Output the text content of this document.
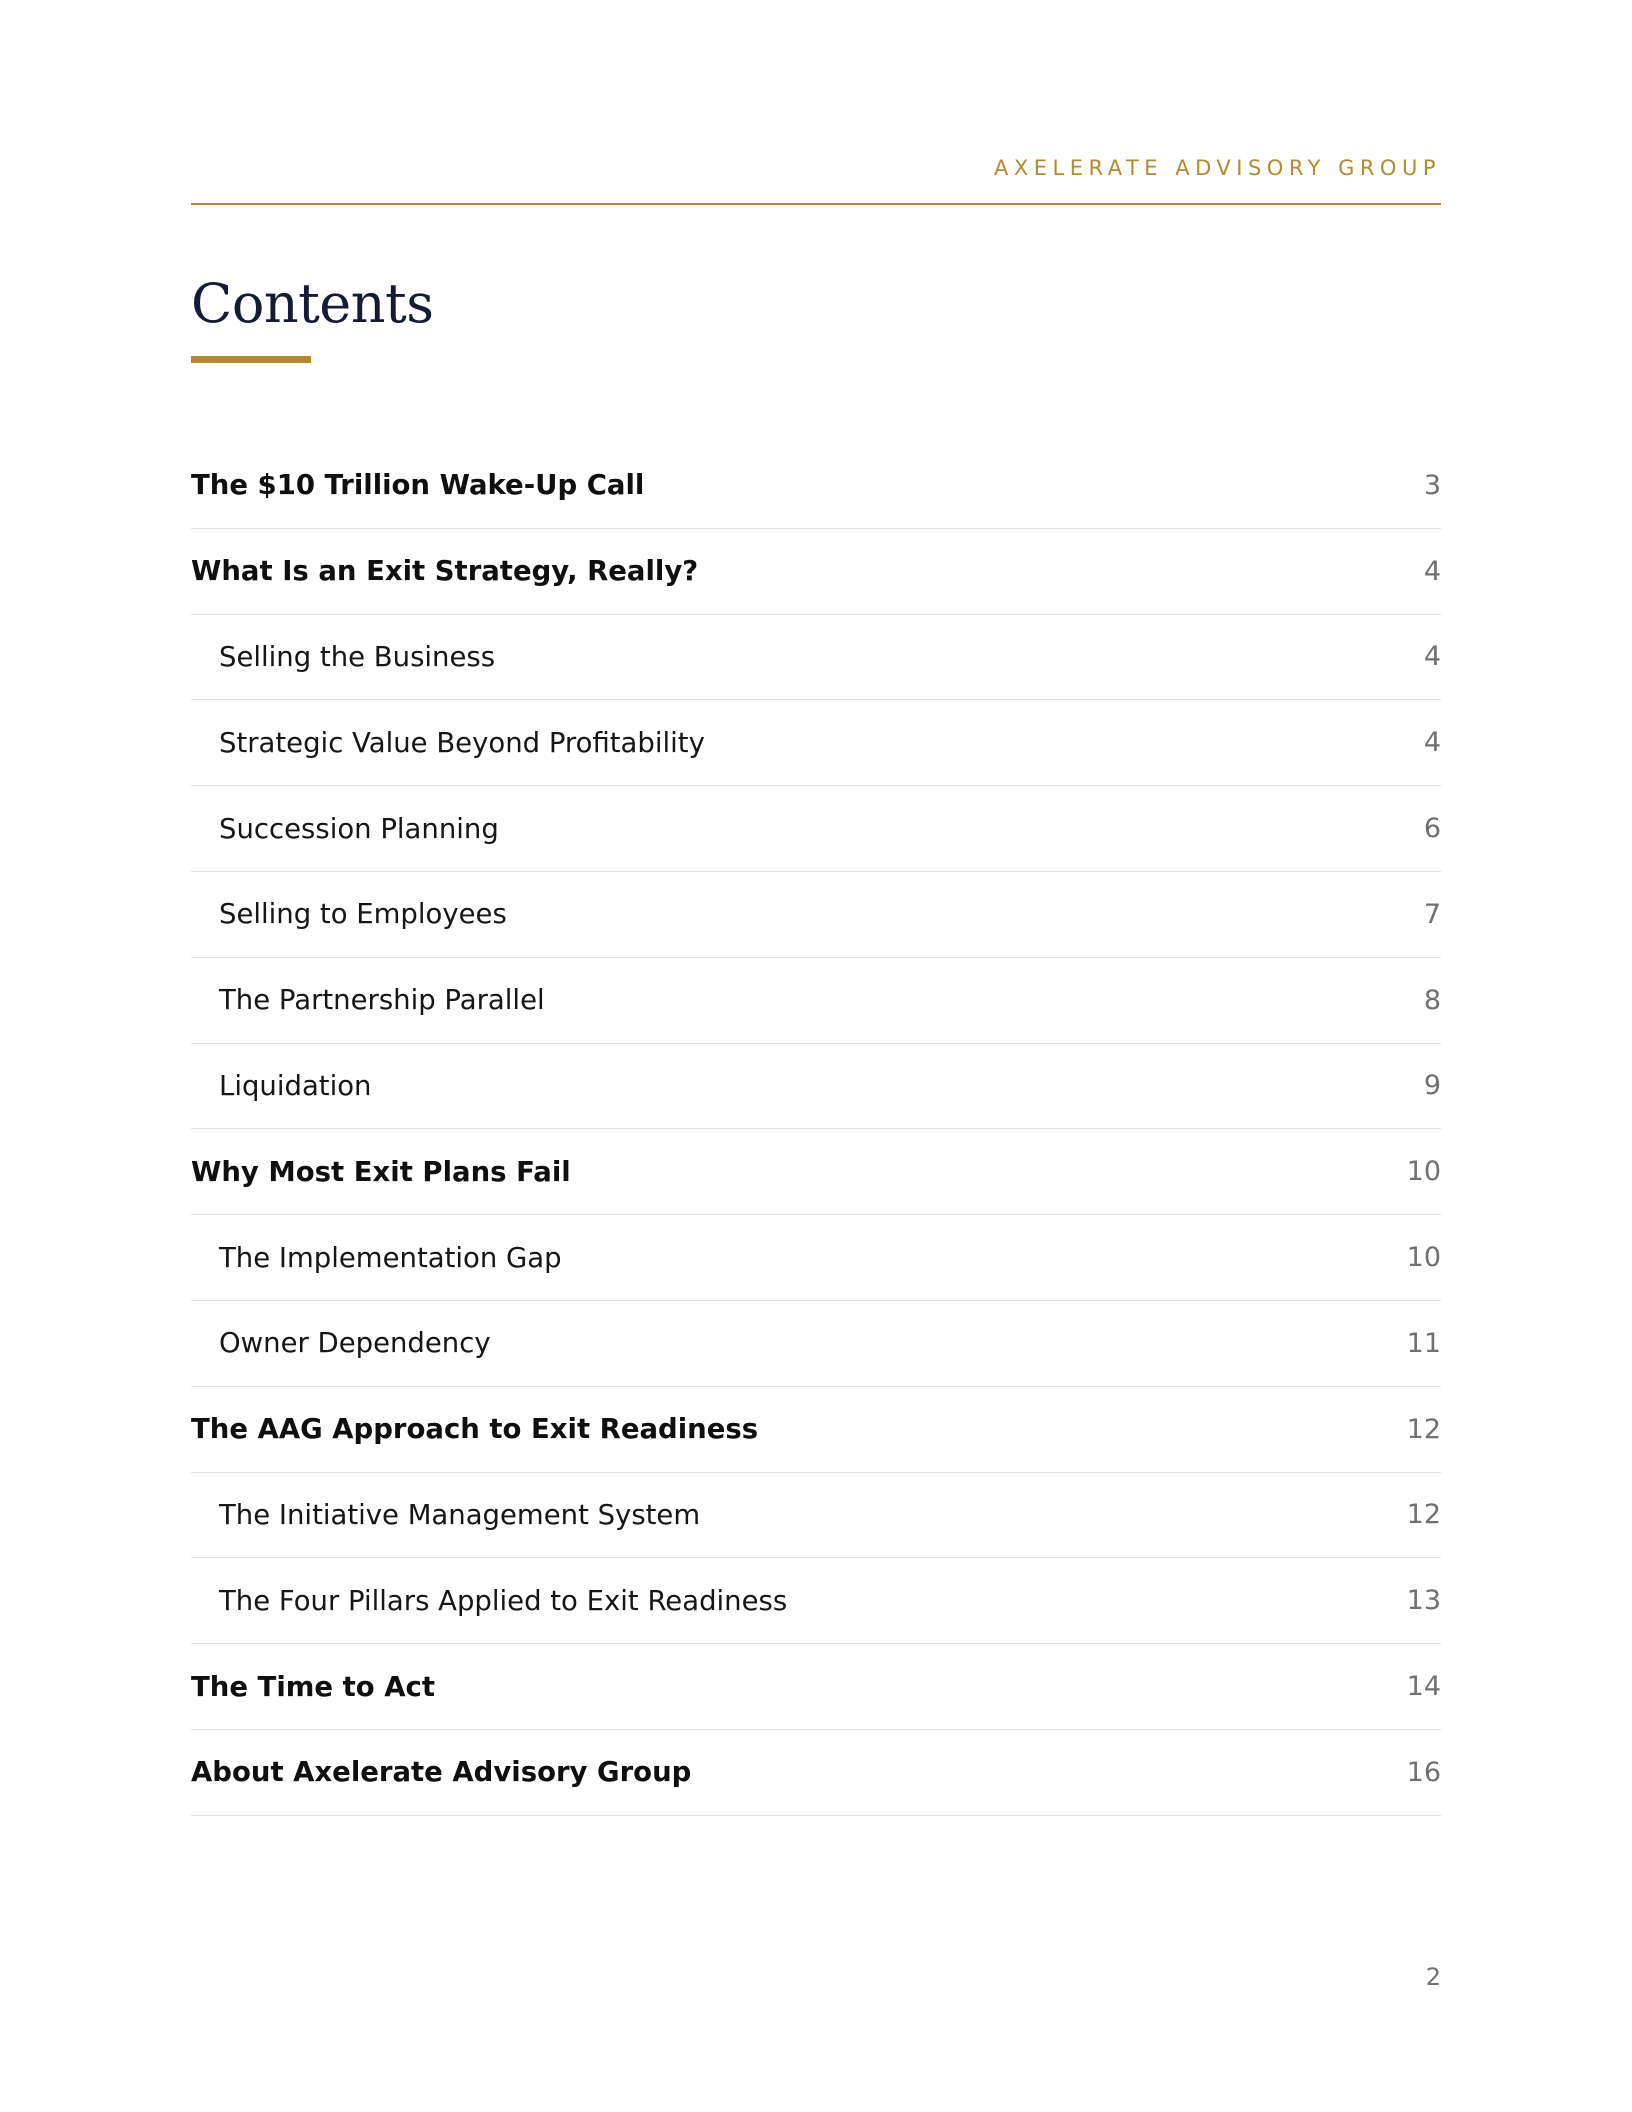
AXELERATE ADVISORY GROUP
Contents
The $10 Trillion Wake-Up Call	3
What Is an Exit Strategy, Really?	4
Selling the Business	4
Strategic Value Beyond Profitability	4
Succession Planning	6
Selling to Employees	7
The Partnership Parallel	8
Liquidation	9
Why Most Exit Plans Fail	10
The Implementation Gap	10
Owner Dependency	11
The AAG Approach to Exit Readiness	12
The Initiative Management System	12
The Four Pillars Applied to Exit Readiness	13
The Time to Act	14
About Axelerate Advisory Group	16
2
